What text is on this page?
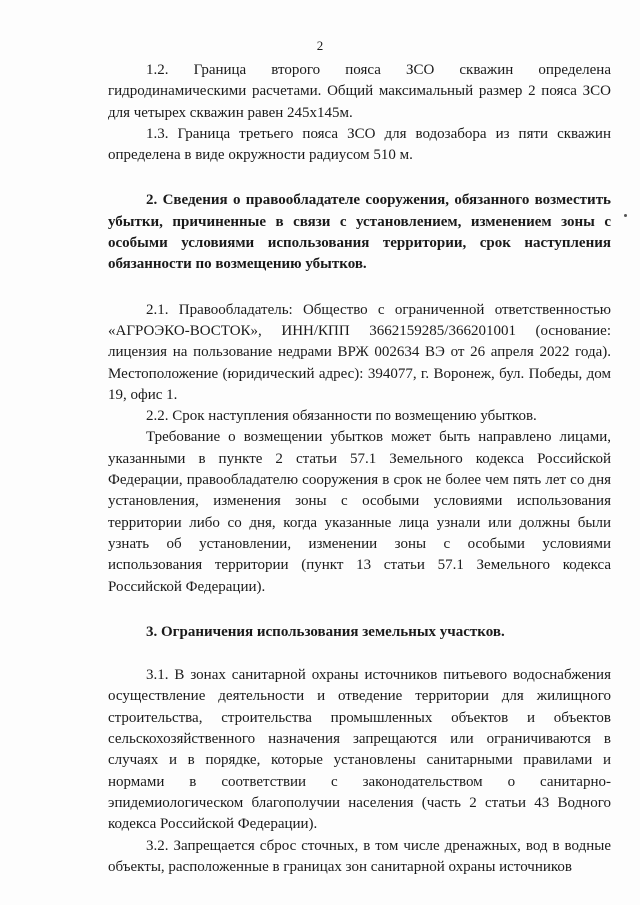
2

1.2. Граница второго пояса ЗСО скважин определена гидродинамическими расчетами. Общий максимальный размер 2 пояса ЗСО для четырех скважин равен 245х145м.

1.3. Граница третьего пояса ЗСО для водозабора из пяти скважин определена в виде окружности радиусом 510 м.

2. Сведения о правообладателе сооружения, обязанного возместить убытки, причиненные в связи с установлением, изменением зоны с особыми условиями использования территории, срок наступления обязанности по возмещению убытков.

2.1. Правообладатель: Общество с ограниченной ответственностью «АГРОЭКО-ВОСТОК», ИНН/КПП 3662159285/366201001 (основание: лицензия на пользование недрами ВРЖ 002634 ВЭ от 26 апреля 2022 года). Местоположение (юридический адрес): 394077, г. Воронеж, бул. Победы, дом 19, офис 1.

2.2. Срок наступления обязанности по возмещению убытков.

Требование о возмещении убытков может быть направлено лицами, указанными в пункте 2 статьи 57.1 Земельного кодекса Российской Федерации, правообладателю сооружения в срок не более чем пять лет со дня установления, изменения зоны с особыми условиями использования территории либо со дня, когда указанные лица узнали или должны были узнать об установлении, изменении зоны с особыми условиями использования территории (пункт 13 статьи 57.1 Земельного кодекса Российской Федерации).

3. Ограничения использования земельных участков.

3.1. В зонах санитарной охраны источников питьевого водоснабжения осуществление деятельности и отведение территории для жилищного строительства, строительства промышленных объектов и объектов сельскохозяйственного назначения запрещаются или ограничиваются в случаях и в порядке, которые установлены санитарными правилами и нормами в соответствии с законодательством о санитарно-эпидемиологическом благополучии населения (часть 2 статьи 43 Водного кодекса Российской Федерации).

3.2. Запрещается сброс сточных, в том числе дренажных, вод в водные объекты, расположенные в границах зон санитарной охраны источников
